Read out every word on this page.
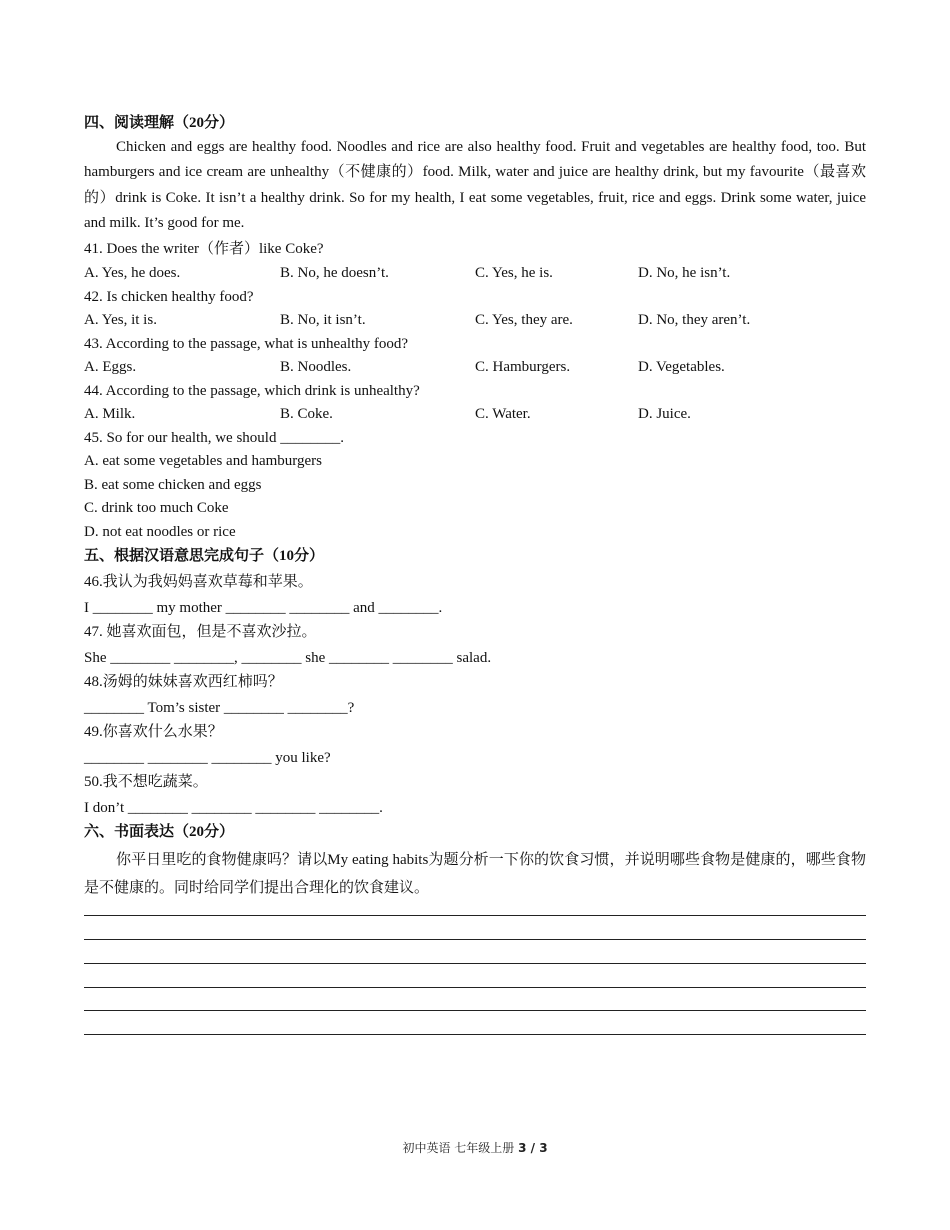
四、阅读理解（20分）
Chicken and eggs are healthy food. Noodles and rice are also healthy food. Fruit and vegetables are healthy food, too. But hamburgers and ice cream are unhealthy（不健康的）food. Milk, water and juice are healthy drink, but my favourite（最喜欢的）drink is Coke. It isn’t a healthy drink. So for my health, I eat some vegetables, fruit, rice and eggs. Drink some water, juice and milk. It’s good for me.
41. Does the writer（作者）like Coke?
A. Yes, he does.	B. No, he doesn’t.	C. Yes, he is.	D. No, he isn’t.
42. Is chicken healthy food?
A. Yes, it is.	B. No, it isn’t.	C. Yes, they are.	D. No, they aren’t.
43. According to the passage, what is unhealthy food?
A. Eggs.	B. Noodles.	C. Hamburgers.	D. Vegetables.
44. According to the passage, which drink is unhealthy?
A. Milk.	B. Coke.	C. Water.	D. Juice.
45. So for our health, we should ________.
A. eat some vegetables and hamburgers
B. eat some chicken and eggs
C. drink too much Coke
D. not eat noodles or rice
五、根据汉语意思完成句子（10分）
46.我认为我妈妈喜欢草莓和苹果。
I ________ my mother ________ ________ and ________.
47. 她喜欢面包，但是不喜欢沙拉。
She ________ ________, ________ she ________ ________ salad.
48.汤姆的妹妹喜欢西红柿吗？
________ Tom’s sister ________ ________?
49.你喜欢什么水果？
________ ________ ________ you like?
50.我不想吃蔬菜。
I don’t ________ ________ ________ ________.
六、书面表达（20分）
你平日里吃的食物健康吗？请以My eating habits为题分析一下你的饮食习惯，并说明哪些食物是健康的，哪些食物是不健康的。同时给同学们提出合理化的饮食建议。
初中英语 七年级上册 3 / 3
